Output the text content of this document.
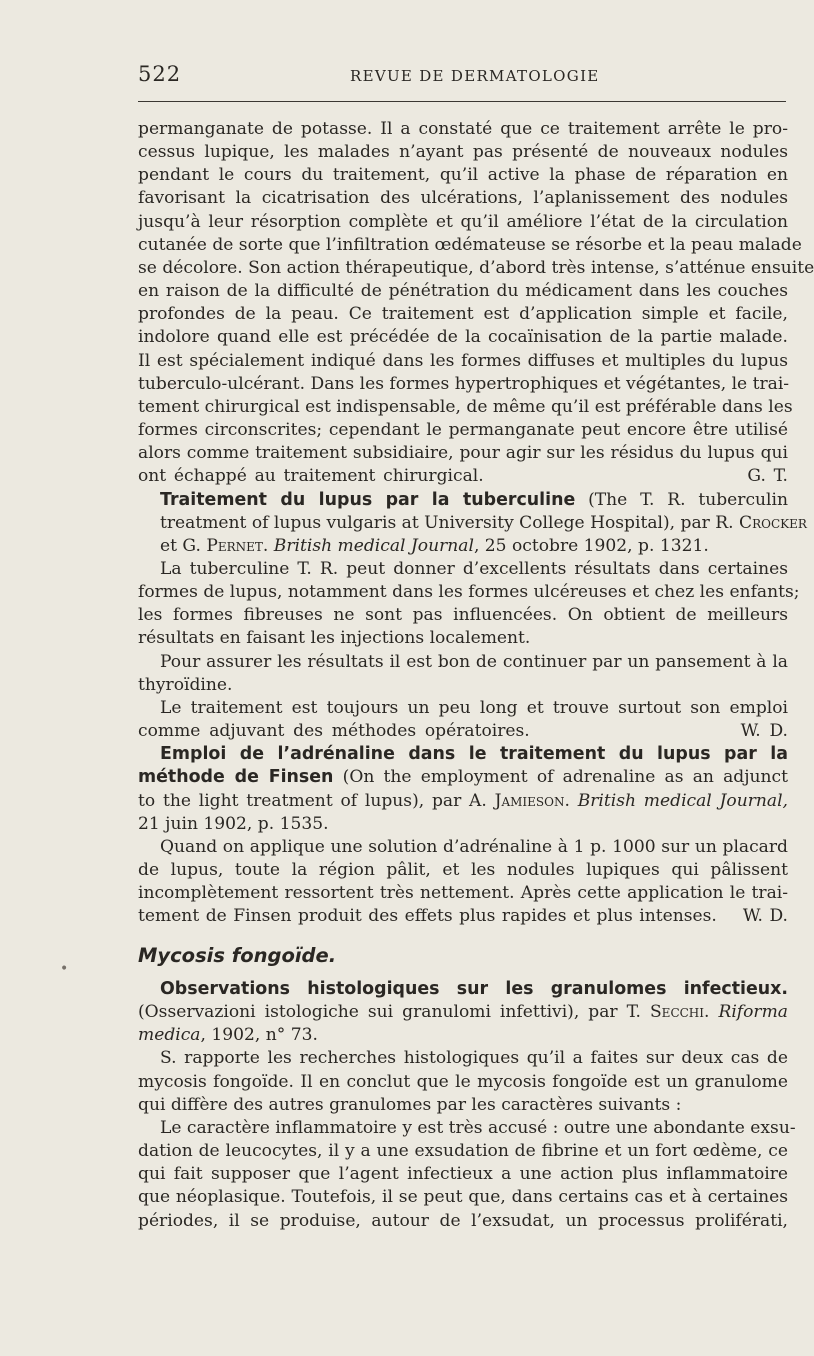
522	REVUE DE DERMATOLOGIE

permanganate de potasse. Il a constaté que ce traitement arrête le pro-
cessus lupique, les malades n’ayant pas présenté de nouveaux nodules
pendant le cours du traitement, qu’il active la phase de réparation en
favorisant la cicatrisation des ulcérations, l’aplanissement des nodules
jusqu’à leur résorption complète et qu’il améliore l’état de la circulation
cutanée de sorte que l’infiltration œdémateuse se résorbe et la peau malade
se décolore. Son action thérapeutique, d’abord très intense, s’atténue ensuite
en raison de la difficulté de pénétration du médicament dans les couches
profondes de la peau. Ce traitement est d’application simple et facile,
indolore quand elle est précédée de la cocaïnisation de la partie malade.
Il est spécialement indiqué dans les formes diffuses et multiples du lupus
tuberculo-ulcérant. Dans les formes hypertrophiques et végétantes, le trai-
tement chirurgical est indispensable, de même qu’il est préférable dans les
formes circonscrites; cependant le permanganate peut encore être utilisé
alors comme traitement subsidiaire, pour agir sur les résidus du lupus qui
ont échappé au traitement chirurgical.                                  G. T.

Traitement du lupus par la tuberculine (The T. R. tuberculin
treatment of lupus vulgaris at University College Hospital), par R. Crocker
et G. Pernet. British medical Journal, 25 octobre 1902, p. 1321.

La tuberculine T. R. peut donner d’excellents résultats dans certaines
formes de lupus, notamment dans les formes ulcéreuses et chez les enfants;
les formes fibreuses ne sont pas influencées. On obtient de meilleurs
résultats en faisant les injections localement.

Pour assurer les résultats il est bon de continuer par un pansement à la
thyroïdine.

Le traitement est toujours un peu long et trouve surtout son emploi
comme adjuvant des méthodes opératoires.                        W. D.

Emploi de l’adrénaline dans le traitement du lupus par la
méthode de Finsen (On the employment of adrenaline as an adjunct
to the light treatment of lupus), par A. Jamieson. British medical Journal,
21 juin 1902, p. 1535.

Quand on applique une solution d’adrénaline à 1 p. 1000 sur un placard
de lupus, toute la région pâlit, et les nodules lupiques qui pâlissent
incomplètement ressortent très nettement. Après cette application le trai-
tement de Finsen produit des effets plus rapides et plus intenses.    W. D.

Mycosis fongoïde.

Observations histologiques sur les granulomes infectieux.
(Osservazioni istologiche sui granulomi infettivi), par T. Secchi. Riforma
medica, 1902, n° 73.

S. rapporte les recherches histologiques qu’il a faites sur deux cas de
mycosis fongoïde. Il en conclut que le mycosis fongoïde est un granulome
qui diffère des autres granulomes par les caractères suivants :

Le caractère inflammatoire y est très accusé : outre une abondante exsu-
dation de leucocytes, il y a une exsudation de fibrine et un fort œdème, ce
qui fait supposer que l’agent infectieux a une action plus inflammatoire
que néoplasique. Toutefois, il se peut que, dans certains cas et à certaines
périodes, il se produise, autour de l’exsudat, un processus proliférati,

•
